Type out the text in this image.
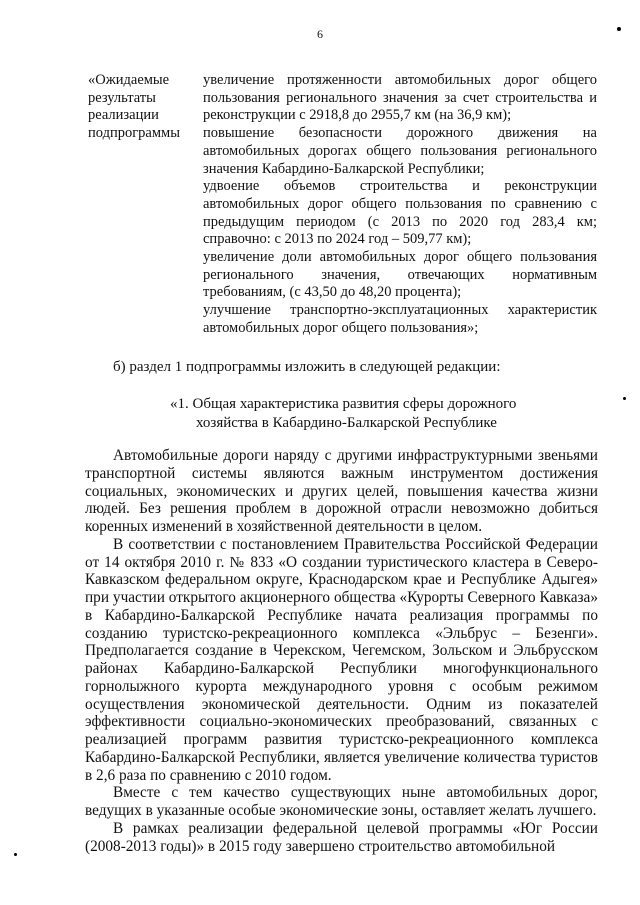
6
«Ожидаемые результаты реализации подпрограммы

увеличение протяженности автомобильных дорог общего пользования регионального значения за счет строительства и реконструкции с 2918,8 до 2955,7 км (на 36,9 км);

повышение безопасности дорожного движения на автомобильных дорогах общего пользования регионального значения Кабардино-Балкарской Республики;

удвоение объемов строительства и реконструкции автомобильных дорог общего пользования по сравнению с предыдущим периодом (с 2013 по 2020 год 283,4 км; справочно: с 2013 по 2024 год – 509,77 км);

увеличение доли автомобильных дорог общего пользования регионального значения, отвечающих нормативным требованиям, (с 43,50 до 48,20 процента);

улучшение транспортно-эксплуатационных характеристик автомобильных дорог общего пользования»;

б) раздел 1 подпрограммы изложить в следующей редакции:
«1. Общая характеристика развития сферы дорожного
хозяйства в Кабардино-Балкарской Республике

Автомобильные дороги наряду с другими инфраструктурными звеньями транспортной системы являются важным инструментом достижения социальных, экономических и других целей, повышения качества жизни людей. Без решения проблем в дорожной отрасли невозможно добиться коренных изменений в хозяйственной деятельности в целом.

В соответствии с постановлением Правительства Российской Федерации от 14 октября 2010 г. № 833 «О создании туристического кластера в Северо-Кавказском федеральном округе, Краснодарском крае и Республике Адыгея» при участии открытого акционерного общества «Курорты Северного Кавказа» в Кабардино-Балкарской Республике начата реализация программы по созданию туристско-рекреационного комплекса «Эльбрус – Безенги». Предполагается создание в Черекском, Чегемском, Зольском и Эльбрусском районах Кабардино-Балкарской Республики многофункционального горнолыжного курорта международного уровня с особым режимом осуществления экономической деятельности. Одним из показателей эффективности социально-экономических преобразований, связанных с реализацией программ развития туристско-рекреационного комплекса Кабардино-Балкарской Республики, является увеличение количества туристов в 2,6 раза по сравнению с 2010 годом.

Вместе с тем качество существующих ныне автомобильных дорог, ведущих в указанные особые экономические зоны, оставляет желать лучшего.

В рамках реализации федеральной целевой программы «Юг России (2008-2013 годы)» в 2015 году завершено строительство автомобильной
